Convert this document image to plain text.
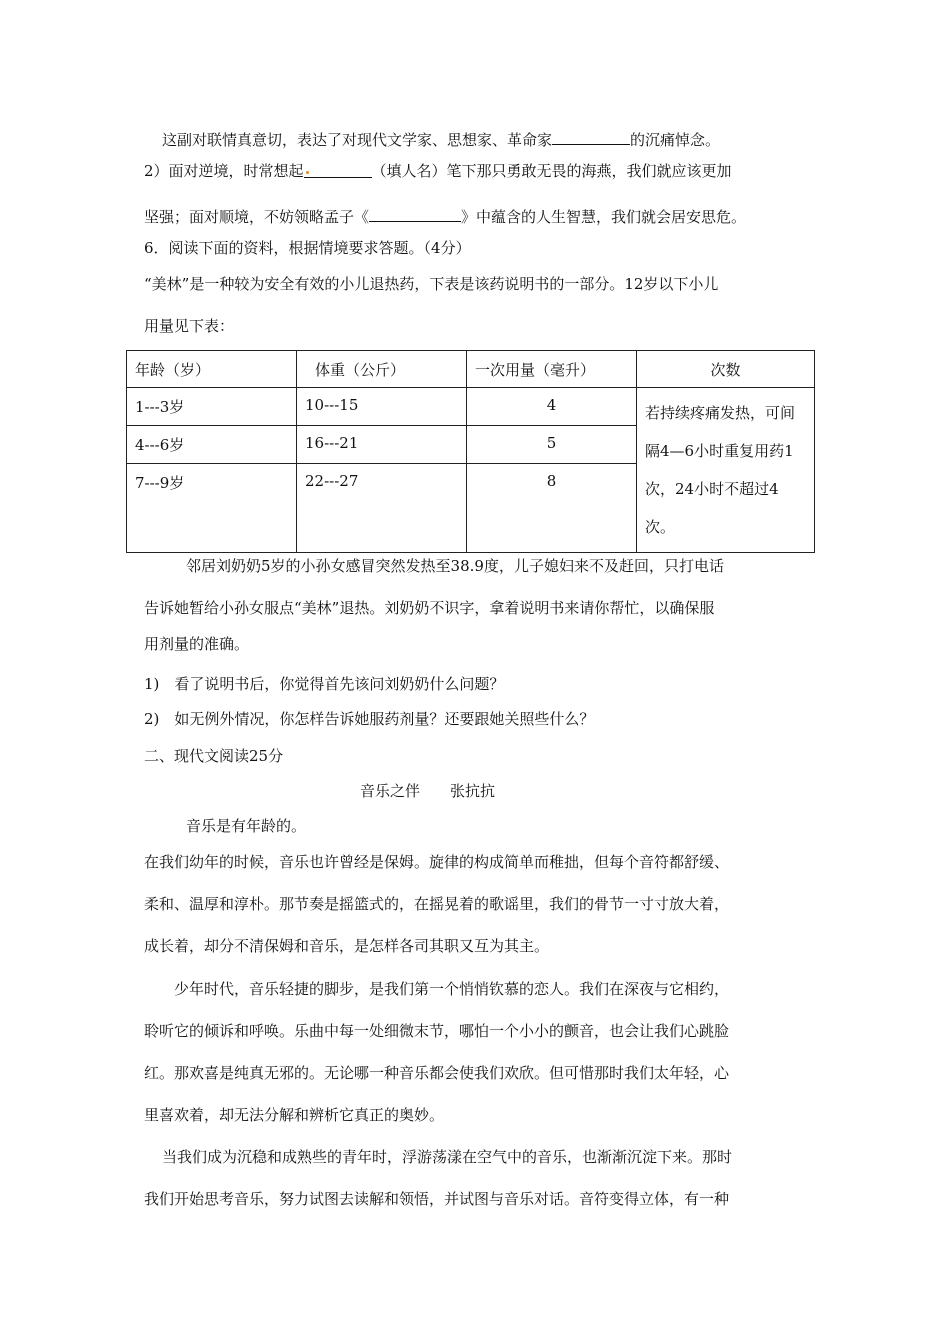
这副对联情真意切，表达了对现代文学家、思想家、革命家	的沉痛悼念。
2）面对逆境，时常想起	（填人名）笔下那只勇敢无畏的海燕，我们就应该更加
坚强；面对顺境，不妨领略孟子《	》中蕴含的人生智慧，我们就会居安思危。
6．阅读下面的资料，根据情境要求答题。（4分）
“美林”是一种较为安全有效的小儿退热药，下表是该药说明书的一部分。12岁以下小儿
用量见下表：
年龄（岁）	体重（公斤）	一次用量（毫升）	次数

1---3岁	10---15	4	若持续疼痛发热，可间隔4—6小时重复用药1次，24小时不超过4次。

4---6岁	16---21	5	

7---9岁	22---27	8	
邻居刘奶奶5岁的小孙女感冒突然发热至38.9度，儿子媳妇来不及赶回，只打电话
告诉她暂给小孙女服点“美林”退热。刘奶奶不识字，拿着说明书来请你帮忙，以确保服
用剂量的准确。
1)　看了说明书后，你觉得首先该问刘奶奶什么问题？
2)　如无例外情况，你怎样告诉她服药剂量？还要跟她关照些什么？
二、现代文阅读25分
音乐之伴　　张抗抗
音乐是有年龄的。
在我们幼年的时候，音乐也许曾经是保姆。旋律的构成简单而稚拙，但每个音符都舒缓、
柔和、温厚和淳朴。那节奏是摇篮式的，在摇晃着的歌谣里，我们的骨节一寸寸放大着，
成长着，却分不清保姆和音乐，是怎样各司其职又互为其主。
少年时代，音乐轻捷的脚步，是我们第一个悄悄钦慕的恋人。我们在深夜与它相约，
聆听它的倾诉和呼唤。乐曲中每一处细微末节，哪怕一个小小的颤音，也会让我们心跳脸
红。那欢喜是纯真无邪的。无论哪一种音乐都会使我们欢欣。但可惜那时我们太年轻，心
里喜欢着，却无法分解和辨析它真正的奥妙。
当我们成为沉稳和成熟些的青年时，浮游荡漾在空气中的音乐，也渐渐沉淀下来。那时
我们开始思考音乐，努力试图去读解和领悟，并试图与音乐对话。音符变得立体，有一种
